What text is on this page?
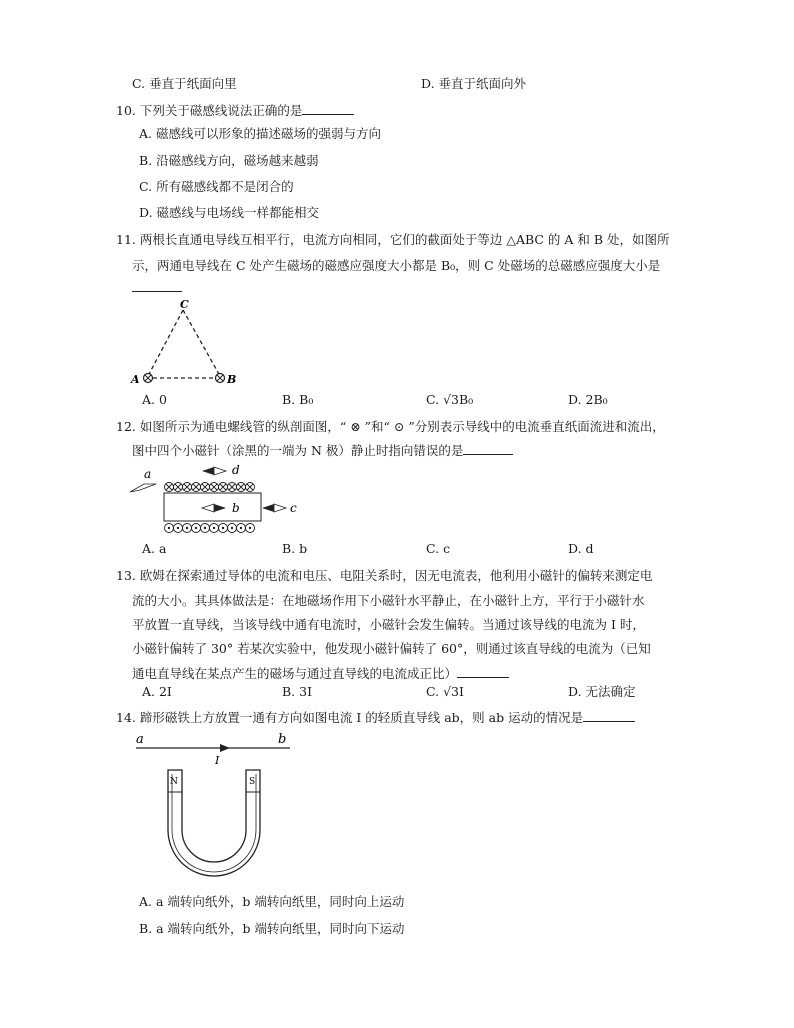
C. 垂直于纸面向里	D. 垂直于纸面向外
10. 下列关于磁感线说法正确的是
A. 磁感线可以形象的描述磁场的强弱与方向
B. 沿磁感线方向，磁场越来越弱
C. 所有磁感线都不是闭合的
D. 磁感线与电场线一样都能相交
11. 两根长直通电导线互相平行，电流方向相同，它们的截面处于等边 △ABC 的 A 和 B 处，如图所
示，两通电导线在 C 处产生磁场的磁感应强度大小都是 B₀，则 C 处磁场的总磁感应强度大小是
C
A	B
A. 0	B. B₀	C. √3B₀	D. 2B₀
12. 如图所示为通电螺线管的纵剖面图，“ ⊗ ”和“ ⊙ ”分别表示导线中的电流垂直纸面流进和流出，
图中四个小磁针（涂黑的一端为 N 极）静止时指向错误的是
a	d
b	c
A. a	B. b	C. c	D. d
13. 欧姆在探索通过导体的电流和电压、电阻关系时，因无电流表，他利用小磁针的偏转来测定电
流的大小。其具体做法是：在地磁场作用下小磁针水平静止，在小磁针上方，平行于小磁针水
平放置一直导线，当该导线中通有电流时，小磁针会发生偏转。当通过该导线的电流为 I 时，
小磁针偏转了 30° 若某次实验中，他发现小磁针偏转了 60°，则通过该直导线的电流为（已知
通电直导线在某点产生的磁场与通过直导线的电流成正比）
A. 2I	B. 3I	C. √3I	D. 无法确定
14. 蹄形磁铁上方放置一通有方向如图电流 I 的轻质直导线 ab，则 ab 运动的情况是
a	b
I
N	S
A. a 端转向纸外，b 端转向纸里，同时向上运动
B. a 端转向纸外，b 端转向纸里，同时向下运动
